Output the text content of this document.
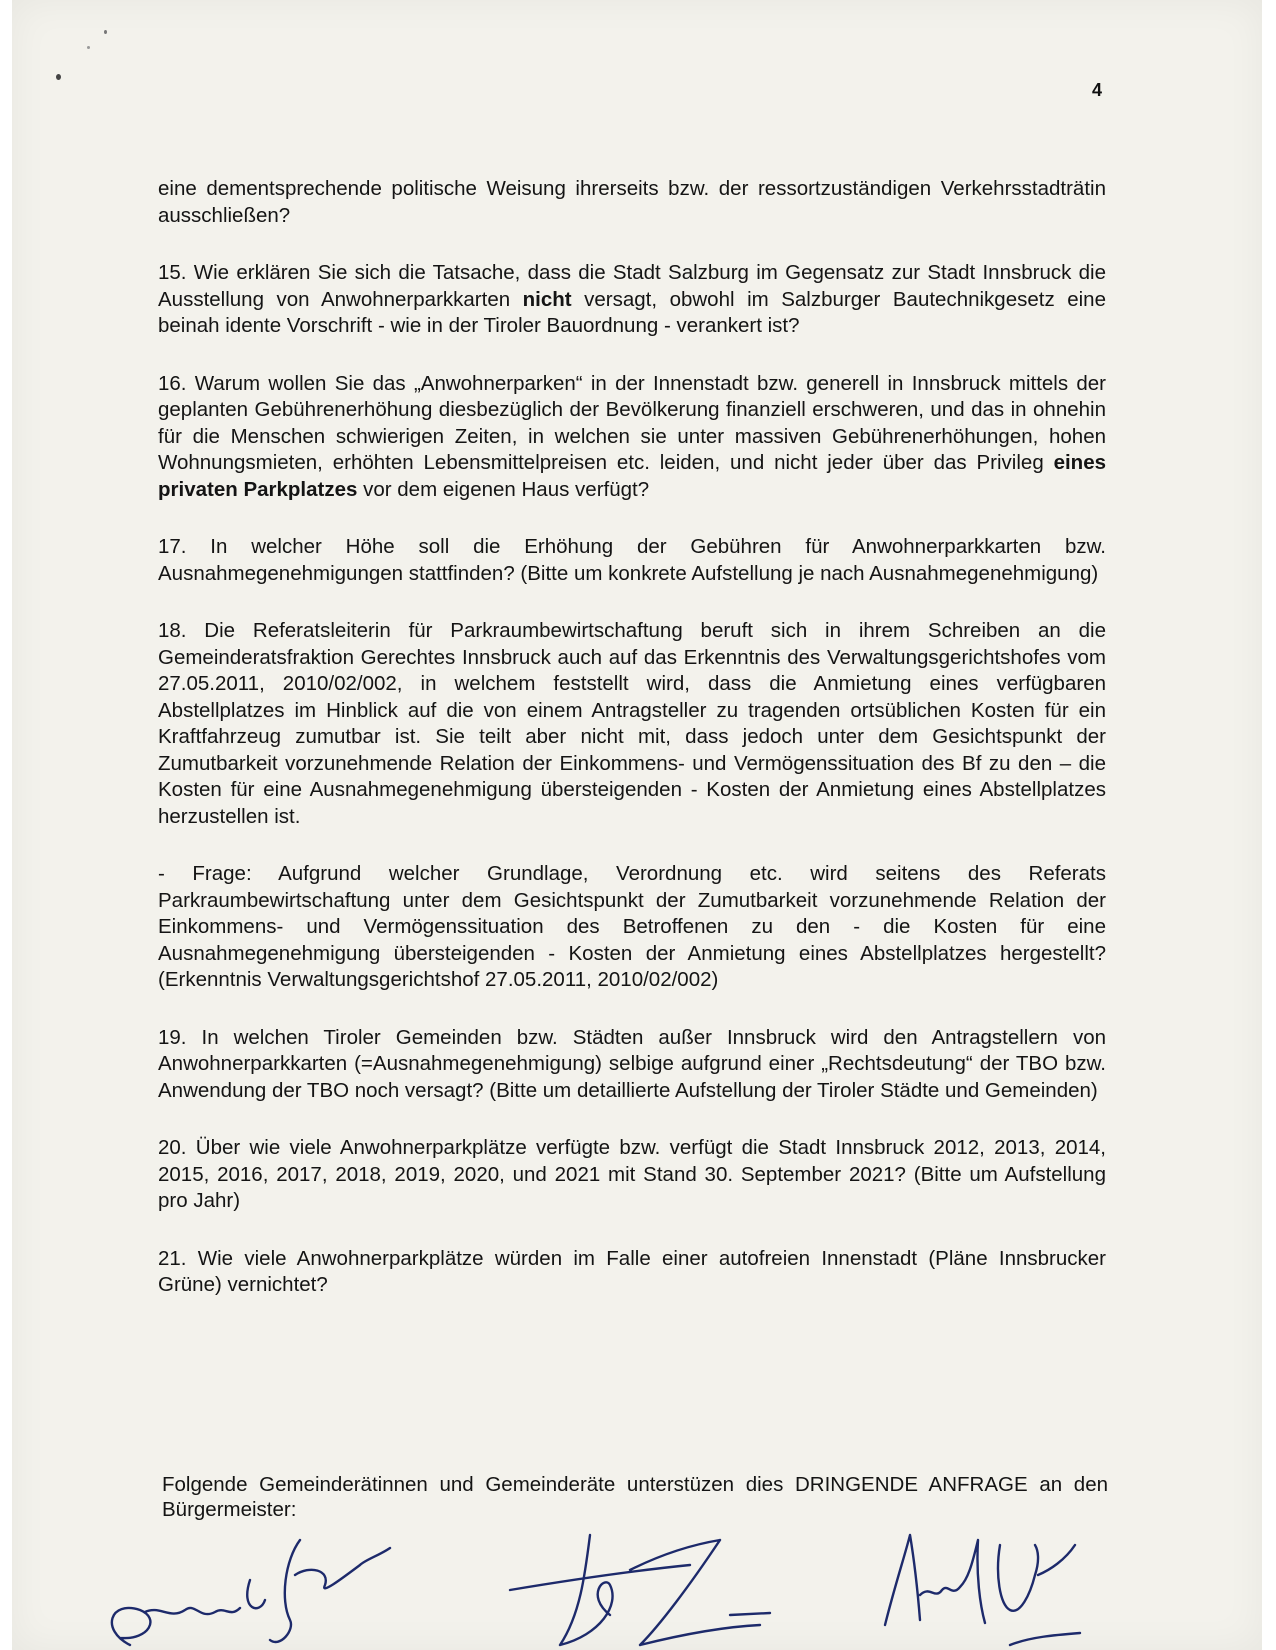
4

eine dementsprechende politische Weisung ihrerseits bzw. der ressortzuständigen Verkehrsstadträtin ausschließen?

15. Wie erklären Sie sich die Tatsache, dass die Stadt Salzburg im Gegensatz zur Stadt Innsbruck die Ausstellung von Anwohnerparkkarten nicht versagt, obwohl im Salzburger Bautechnikgesetz eine beinah idente Vorschrift - wie in der Tiroler Bauordnung - verankert ist?

16. Warum wollen Sie das „Anwohnerparken“ in der Innenstadt bzw. generell in Innsbruck mittels der geplanten Gebührenerhöhung diesbezüglich der Bevölkerung finanziell erschweren, und das in ohnehin für die Menschen schwierigen Zeiten, in welchen sie unter massiven Gebührenerhöhungen, hohen Wohnungsmieten, erhöhten Lebensmittelpreisen etc. leiden, und nicht jeder über das Privileg eines privaten Parkplatzes vor dem eigenen Haus verfügt?

17. In welcher Höhe soll die Erhöhung der Gebühren für Anwohnerparkkarten bzw. Ausnahmegenehmigungen stattfinden? (Bitte um konkrete Aufstellung je nach Ausnahmegenehmigung)

18. Die Referatsleiterin für Parkraumbewirtschaftung beruft sich in ihrem Schreiben an die Gemeinderatsfraktion Gerechtes Innsbruck auch auf das Erkenntnis des Verwaltungsgerichtshofes vom 27.05.2011, 2010/02/002, in welchem feststellt wird, dass die Anmietung eines verfügbaren Abstellplatzes im Hinblick auf die von einem Antragsteller zu tragenden ortsüblichen Kosten für ein Kraftfahrzeug zumutbar ist. Sie teilt aber nicht mit, dass jedoch unter dem Gesichtspunkt der Zumutbarkeit vorzunehmende Relation der Einkommens- und Vermögenssituation des Bf zu den – die Kosten für eine Ausnahmegenehmigung übersteigenden - Kosten der Anmietung eines Abstellplatzes herzustellen ist.

- Frage: Aufgrund welcher Grundlage, Verordnung etc. wird seitens des Referats Parkraumbewirtschaftung unter dem Gesichtspunkt der Zumutbarkeit vorzunehmende Relation der Einkommens- und Vermögenssituation des Betroffenen zu den - die Kosten für eine Ausnahmegenehmigung übersteigenden - Kosten der Anmietung eines Abstellplatzes hergestellt? (Erkenntnis Verwaltungsgerichtshof 27.05.2011, 2010/02/002)

19. In welchen Tiroler Gemeinden bzw. Städten außer Innsbruck wird den Antragstellern von Anwohnerparkkarten (=Ausnahmegenehmigung) selbige aufgrund einer „Rechtsdeutung“ der TBO bzw. Anwendung der TBO noch versagt? (Bitte um detaillierte Aufstellung der Tiroler Städte und Gemeinden)

20. Über wie viele Anwohnerparkplätze verfügte bzw. verfügt die Stadt Innsbruck 2012, 2013, 2014, 2015, 2016, 2017, 2018, 2019, 2020, und 2021 mit Stand 30. September 2021? (Bitte um Aufstellung pro Jahr)

21. Wie viele Anwohnerparkplätze würden im Falle einer autofreien Innenstadt (Pläne Innsbrucker Grüne) vernichtet?

Folgende Gemeinderätinnen und Gemeinderäte unterstüzen dies DRINGENDE ANFRAGE an den Bürgermeister:
